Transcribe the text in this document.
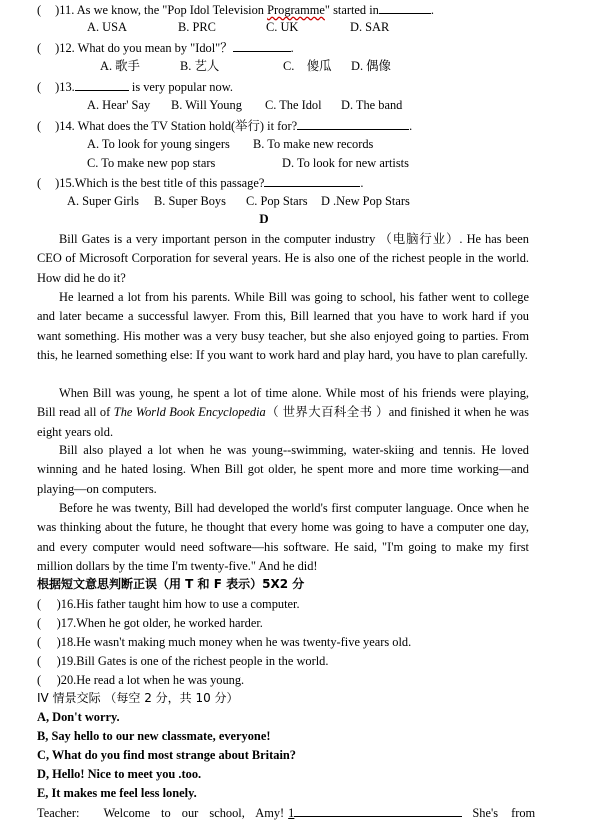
( )11. As we know, the "Pop Idol Television Programme" started in	.
A. USA	B. PRC	C. UK	D. SAR
( )12. What do you mean by "Idol"？	.
A. 歌手	B. 艺人	C.　傻瓜 D. 偶像
( )13.	is very popular now.
A. Hear' Say B. Will Young C. The Idol D. The band
( )14. What does the TV Station hold(举行) it for?	.
A. To look for young singers B. To make new records
C. To make new pop stars	D. To look for new artists
( )15.Which is the best title of this passage?	.
A. Super Girls B. Super Boys C. Pop Stars D .New Pop Stars
D
Bill Gates is a very important person in the computer industry （电脑行业）. He has been CEO of Microsoft Corporation for several years. He is also one of the richest people in the world. How did he do it?
He learned a lot from his parents. While Bill was going to school, his father went to college and later became a successful lawyer. From this, Bill learned that you have to work hard if you want something. His mother was a very busy teacher, but she also enjoyed going to parties. From this, he learned something else: If you want to work hard and play hard, you have to plan carefully.
When Bill was young, he spent a lot of time alone. While most of his friends were playing, Bill read all of The World Book Encyclopedia（ 世界大百科全书 ）and finished it when he was eight years old.
Bill also played a lot when he was young--swimming, water-skiing and tennis. He loved winning and he hated losing. When Bill got older, he spent more and more time working—and playing—on computers.
Before he was twenty, Bill had developed the world's first computer language. Once when he was thinking about the future, he thought that every home was going to have a computer one day, and every computer would need software—his software. He said, "I'm going to make my first million dollars by the time I'm twenty-five." And he did!
根据短文意思判断正误（用 T 和 F 表示）5X2 分
(     )16.His father taught him how to use a computer.
(     )17.When he got older, he worked harder.
(     )18.He wasn't making much money when he was twenty-five years old.
(     )19.Bill Gates is one of the richest people in the world.
(     )20.He read a lot when he was young.
IV 情景交际 （每空 2 分，共 10 分）
A, Don't worry.
B, Say hello to our new classmate, everyone!
C, What do you find most strange about Britain?
D, Hello! Nice to meet you .too.
E, It makes me feel less lonely.
Teacher: Welcome to our school, Amy! 1	She's from
